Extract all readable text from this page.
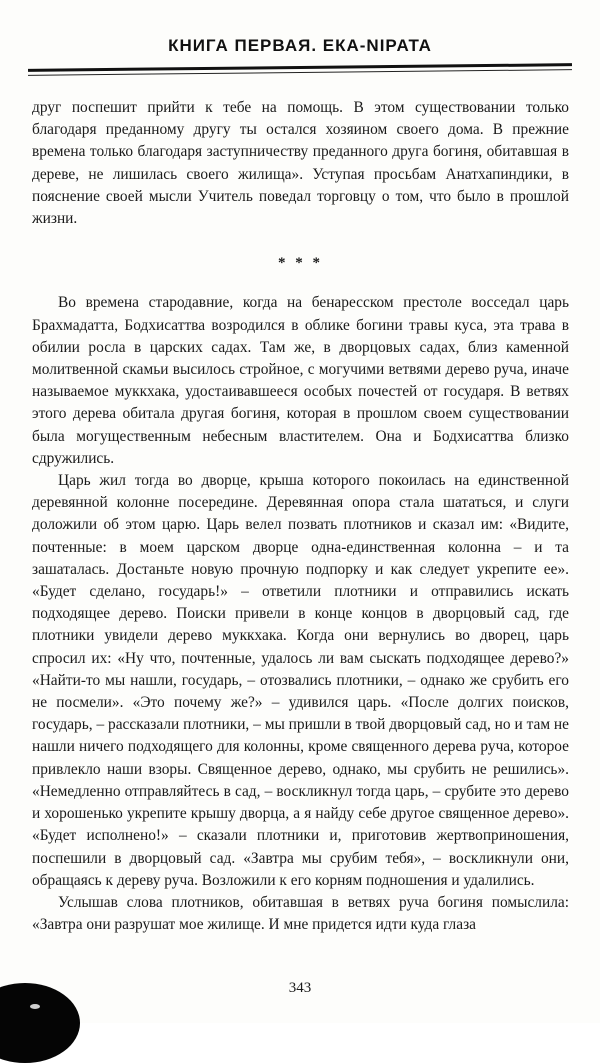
КНИГА ПЕРВАЯ. ЕКА-NIPATA

друг поспешит прийти к тебе на помощь. В этом существовании только благодаря преданному другу ты остался хозяином своего дома. В прежние времена только благодаря заступничеству преданного друга богиня, обитавшая в дереве, не лишилась своего жилища». Уступая просьбам Анатхапиндики, в пояснение своей мысли Учитель поведал торговцу о том, что было в прошлой жизни.

* * *

Во времена стародавние, когда на бенаресском престоле восседал царь Брахмадатта, Бодхисаттва возродился в облике богини травы куса, эта трава в обилии росла в царских садах. Там же, в дворцовых садах, близ каменной молитвенной скамьи высилось стройное, с могучими ветвями дерево руча, иначе называемое муккхака, удостаивавшееся особых почестей от государя. В ветвях этого дерева обитала другая богиня, которая в прошлом своем существовании была могущественным небесным властителем. Она и Бодхисаттва близко сдружились.

Царь жил тогда во дворце, крыша которого покоилась на единственной деревянной колонне посередине. Деревянная опора стала шататься, и слуги доложили об этом царю. Царь велел позвать плотников и сказал им: «Видите, почтенные: в моем царском дворце одна-единственная колонна – и та зашаталась. Достаньте новую прочную подпорку и как следует укрепите ее». «Будет сделано, государь!» – ответили плотники и отправились искать подходящее дерево. Поиски привели в конце концов в дворцовый сад, где плотники увидели дерево муккхака. Когда они вернулись во дворец, царь спросил их: «Ну что, почтенные, удалось ли вам сыскать подходящее дерево?» «Найти-то мы нашли, государь, – отозвались плотники, – однако же срубить его не посмели». «Это почему же?» – удивился царь. «После долгих поисков, государь, – рассказали плотники, – мы пришли в твой дворцовый сад, но и там не нашли ничего подходящего для колонны, кроме священного дерева руча, которое привлекло наши взоры. Священное дерево, однако, мы срубить не решились». «Немедленно отправляйтесь в сад, – воскликнул тогда царь, – срубите это дерево и хорошенько укрепите крышу дворца, а я найду себе другое священное дерево». «Будет исполнено!» – сказали плотники и, приготовив жертвоприношения, поспешили в дворцовый сад. «Завтра мы срубим тебя», – воскликнули они, обращаясь к дереву руча. Возложили к его корням подношения и удалились.

Услышав слова плотников, обитавшая в ветвях руча богиня помыслила: «Завтра они разрушат мое жилище. И мне придется идти куда глаза

343
